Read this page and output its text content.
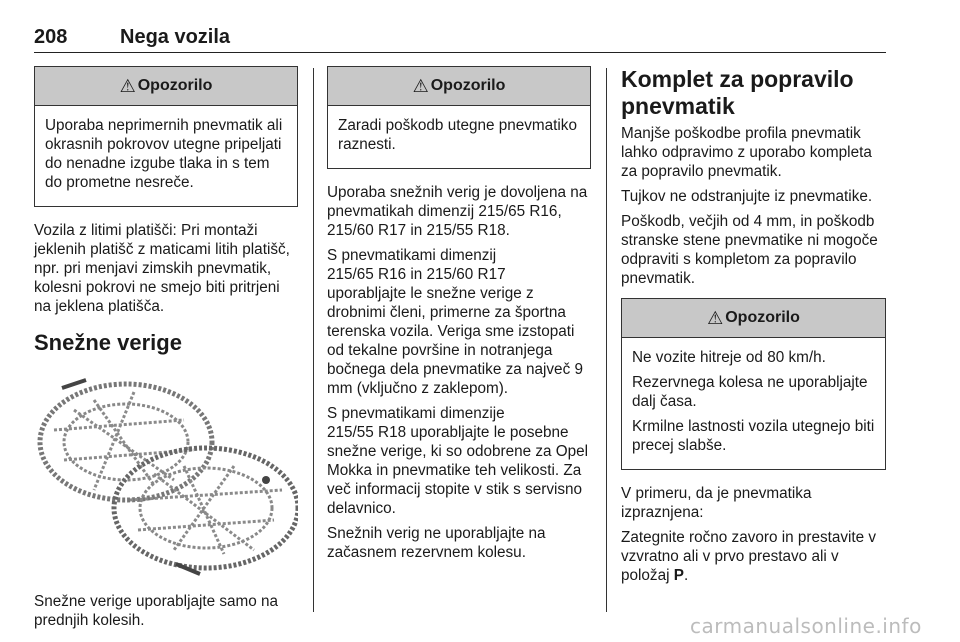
208	Nega vozila
⚠ Opozorilo

Uporaba neprimernih pnevmatik ali okrasnih pokrovov utegne pripeljati do nenadne izgube tlaka in s tem do prometne nesreče.

Vozila z litimi platišči: Pri montaži jeklenih platišč z maticami litih platišč, npr. pri menjavi zimskih pnevmatik, kolesni pokrovi ne smejo biti pritrjeni na jeklena platišča.

Snežne verige

Snežne verige uporabljajte samo na prednjih kolesih.

⚠ Opozorilo

Zaradi poškodb utegne pnevmatiko raznesti.

Uporaba snežnih verig je dovoljena na pnevmatikah dimenzij 215/65 R16, 215/60 R17 in 215/55 R18.

S pnevmatikami dimenzij
215/65 R16 in 215/60 R17
uporabljajte le snežne verige z drobnimi členi, primerne za športna terenska vozila. Veriga sme izstopati od tekalne površine in notranjega bočnega dela pnevmatike za največ 9 mm (vključno z zaklepom).

S pnevmatikami dimenzije
215/55 R18 uporabljajte le posebne snežne verige, ki so odobrene za Opel Mokka in pnevmatike teh velikosti. Za več informacij stopite v stik s servisno delavnico.

Snežnih verig ne uporabljajte na začasnem rezervnem kolesu.

Komplet za popravilo pnevmatik

Manjše poškodbe profila pnevmatik lahko odpravimo z uporabo kompleta za popravilo pnevmatik.

Tujkov ne odstranjujte iz pnevmatike.

Poškodb, večjih od 4 mm, in poškodb stranske stene pnevmatike ni mogoče odpraviti s kompletom za popravilo pnevmatik.

⚠ Opozorilo

Ne vozite hitreje od 80 km/h.

Rezervnega kolesa ne uporabljajte dalj časa.

Krmilne lastnosti vozila utegnejo biti precej slabše.

V primeru, da je pnevmatika izpraznjena:

Zategnite ročno zavoro in prestavite v vzvratno ali v prvo prestavo ali v položaj P.

carmanualsonline.info
